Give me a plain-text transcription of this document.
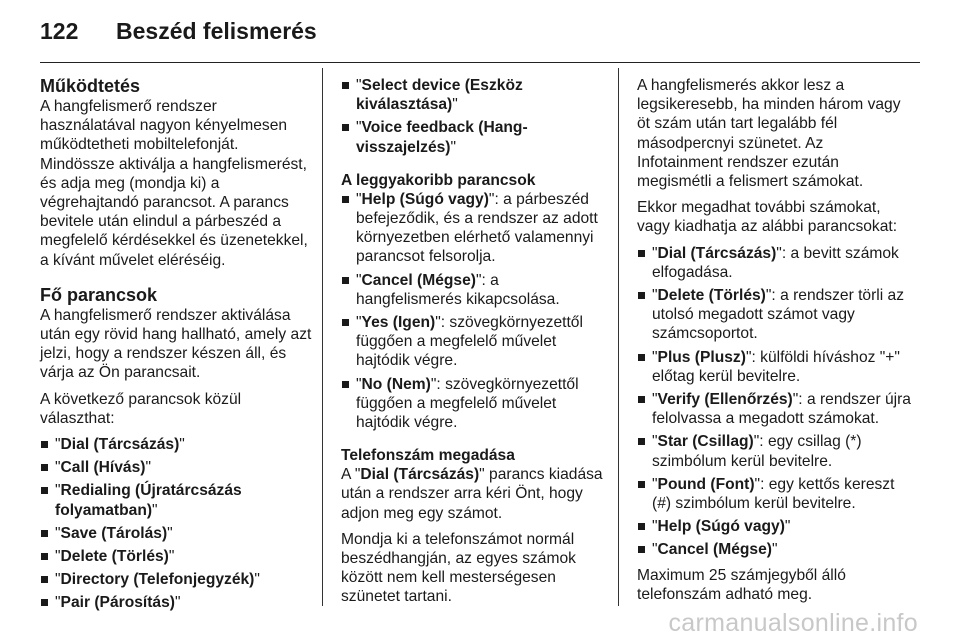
122 Beszéd felismerés
Működtetés

A hangfelismerő rendszer használatával nagyon kényelmesen működtetheti mobiltelefonját. Mindössze aktiválja a hangfelismerést, és adja meg (mondja ki) a végrehajtandó parancsot. A parancs bevitele után elindul a párbeszéd a megfelelő kérdésekkel és üzenetekkel, a kívánt művelet eléréséig.

Fő parancsok

A hangfelismerő rendszer aktiválása után egy rövid hang hallható, amely azt jelzi, hogy a rendszer készen áll, és várja az Ön parancsait.

A következő parancsok közül választhat:

"Dial (Tárcsázás)"
"Call (Hívás)"
"Redialing (Újratárcsázás folyamatban)"
"Save (Tárolás)"
"Delete (Törlés)"
"Directory (Telefonjegyzék)"
"Pair (Párosítás)"
"Select device (Eszköz kiválasztása)"
"Voice feedback (Hang-visszajelzés)"
A leggyakoribb parancsok
"Help (Súgó vagy)": a párbeszéd befejeződik, és a rendszer az adott környezetben elérhető valamennyi parancsot felsorolja.
"Cancel (Mégse)": a hangfelismerés kikapcsolása.
"Yes (Igen)": szövegkörnyezettől függően a megfelelő művelet hajtódik végre.
"No (Nem)": szövegkörnyezettől függően a megfelelő művelet hajtódik végre.
Telefonszám megadása

A "Dial (Tárcsázás)" parancs kiadása után a rendszer arra kéri Önt, hogy adjon meg egy számot.

Mondja ki a telefonszámot normál beszédhangján, az egyes számok között nem kell mesterségesen szünetet tartani.

A hangfelismerés akkor lesz a legsikeresebb, ha minden három vagy öt szám után tart legalább fél másodpercnyi szünetet. Az Infotainment rendszer ezután megismétli a felismert számokat.

Ekkor megadhat további számokat, vagy kiadhatja az alábbi parancsokat:

"Dial (Tárcsázás)": a bevitt számok elfogadása.
"Delete (Törlés)": a rendszer törli az utolsó megadott számot vagy számcsoportot.
"Plus (Plusz)": külföldi híváshoz "+" előtag kerül bevitelre.
"Verify (Ellenőrzés)": a rendszer újra felolvassa a megadott számokat.
"Star (Csillag)": egy csillag (*) szimbólum kerül bevitelre.
"Pound (Font)": egy kettős kereszt (#) szimbólum kerül bevitelre.
"Help (Súgó vagy)"
"Cancel (Mégse)"

Maximum 25 számjegyből álló telefonszám adható meg.

carmanualsonline.info
